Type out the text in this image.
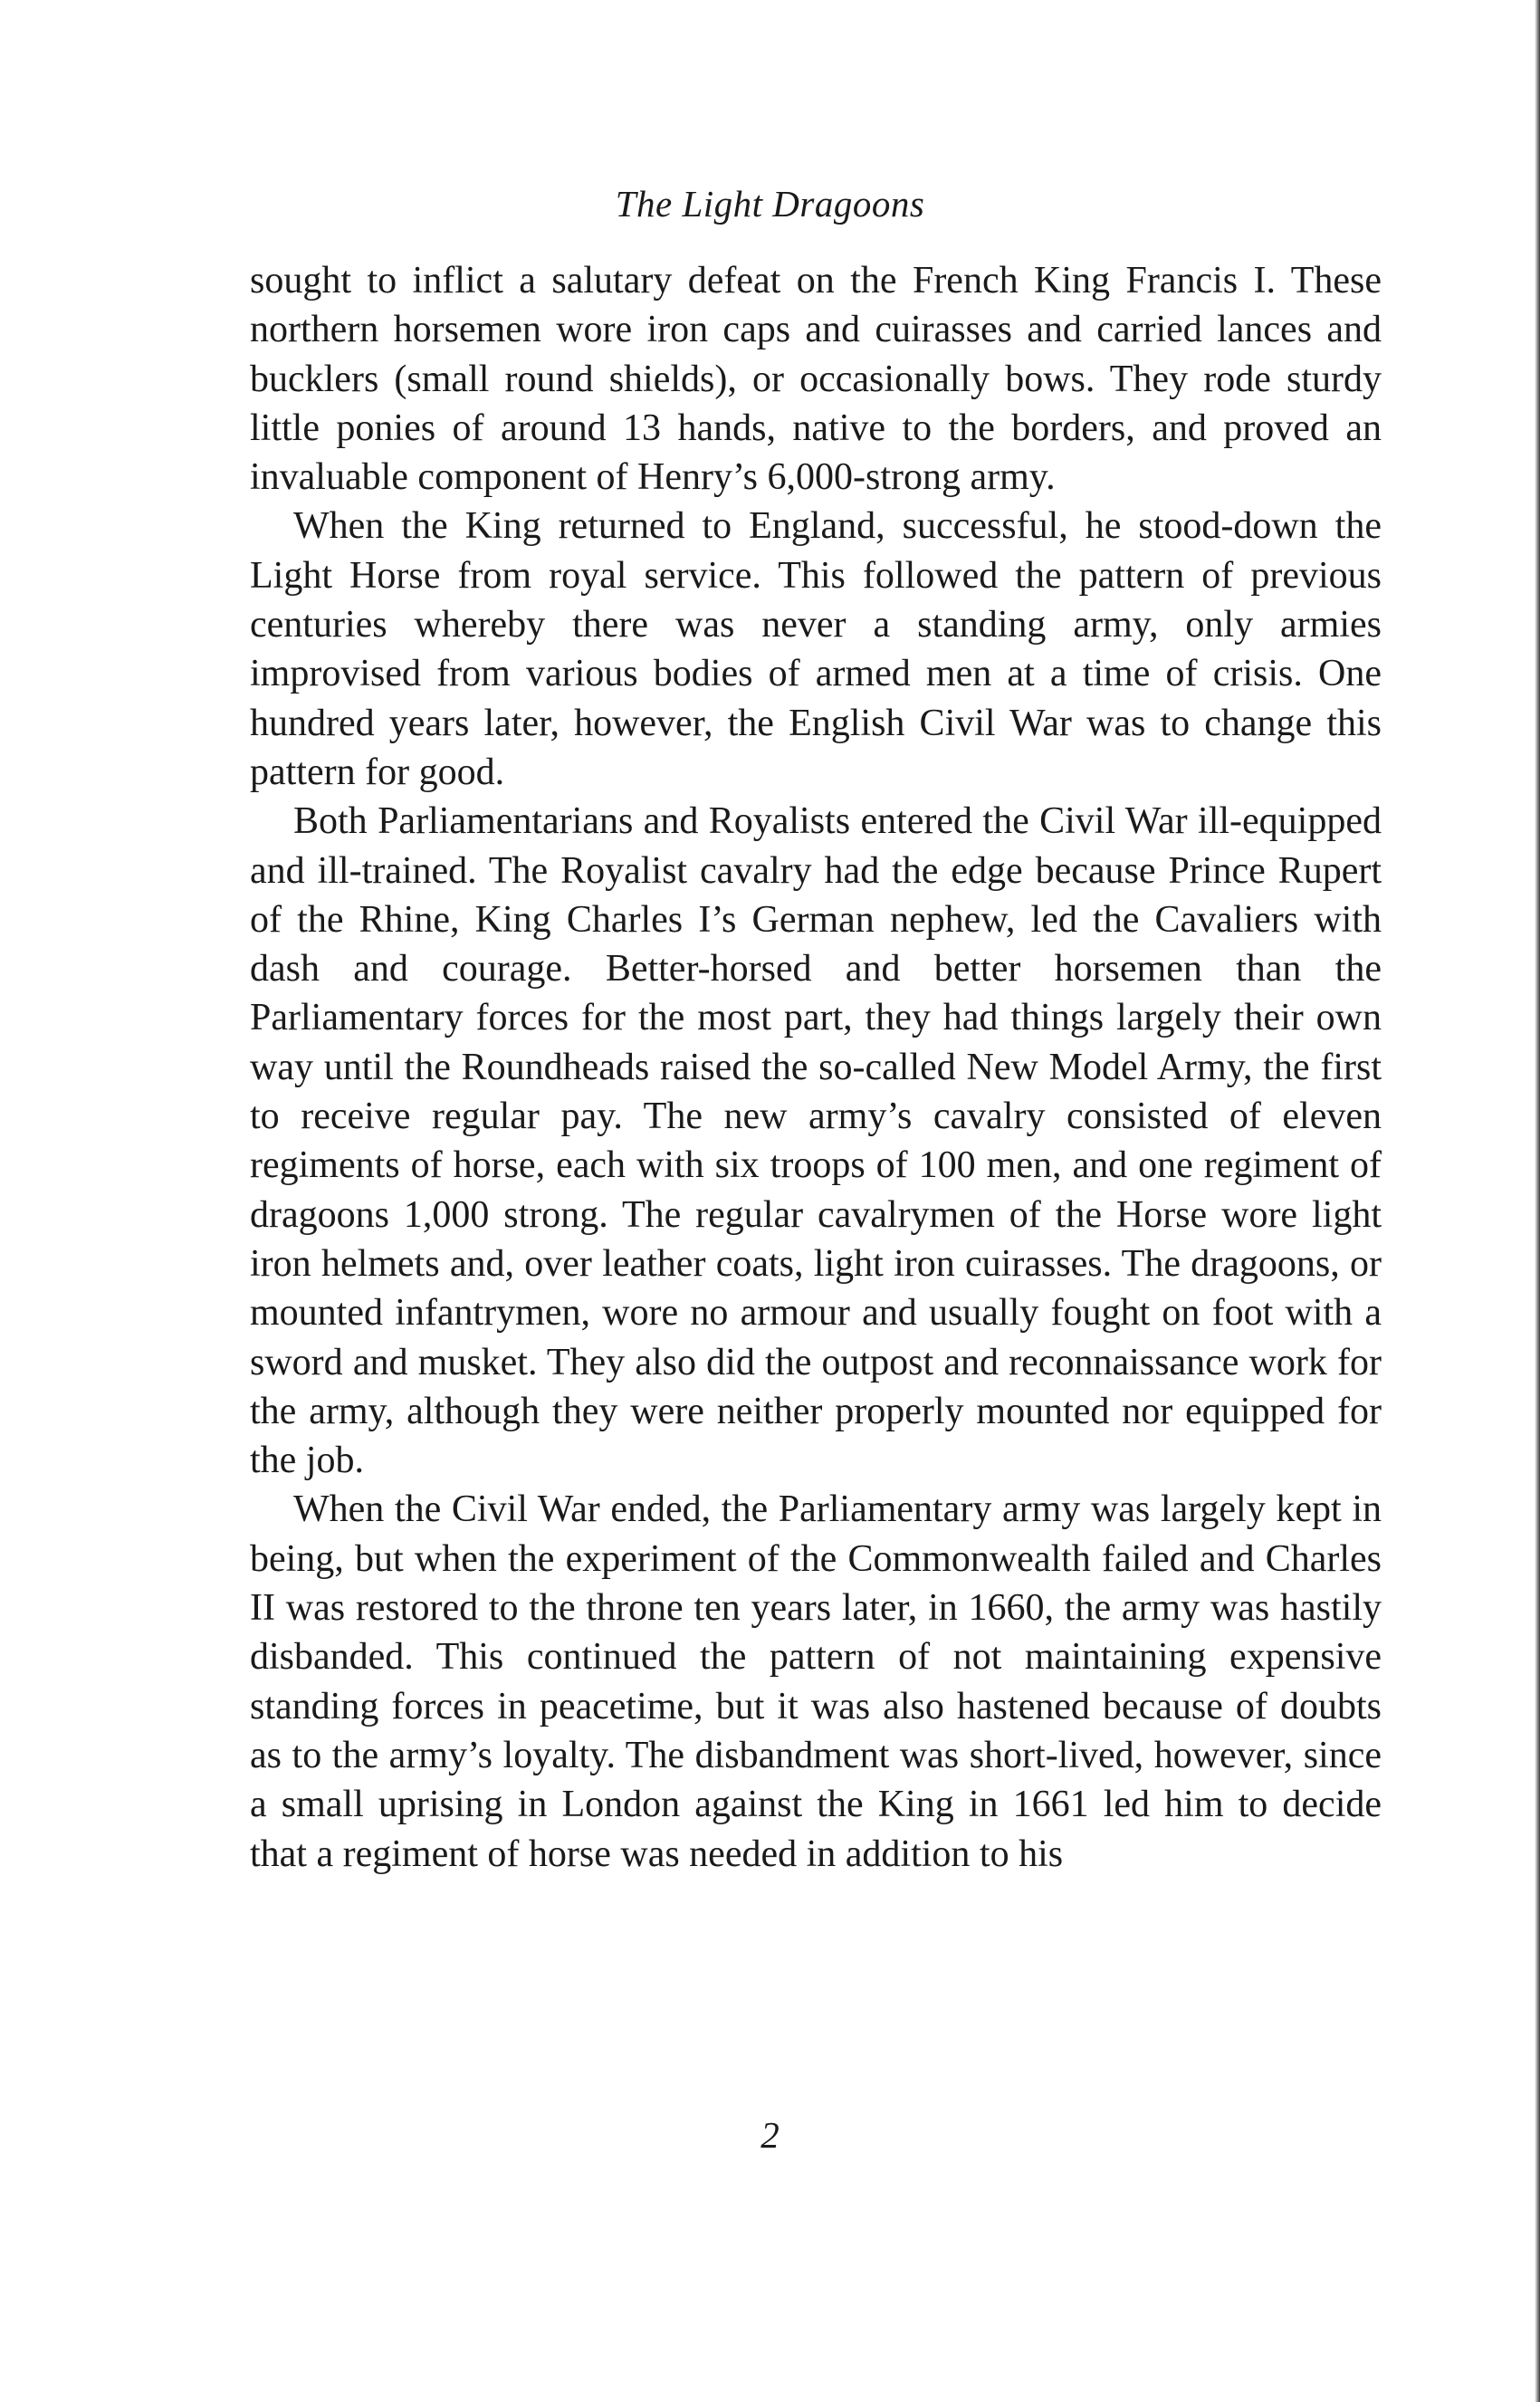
The Light Dragoons

sought to inflict a salutary defeat on the French King Francis I. These northern horsemen wore iron caps and cuirasses and carried lances and bucklers (small round shields), or occasionally bows. They rode sturdy little ponies of around 13 hands, native to the borders, and proved an invaluable component of Henry’s 6,000-strong army.

When the King returned to England, successful, he stood-down the Light Horse from royal service. This followed the pattern of previous centuries whereby there was never a standing army, only armies improvised from various bodies of armed men at a time of crisis. One hundred years later, however, the English Civil War was to change this pattern for good.

Both Parliamentarians and Royalists entered the Civil War ill-equipped and ill-trained. The Royalist cavalry had the edge because Prince Rupert of the Rhine, King Charles I’s German nephew, led the Cavaliers with dash and courage. Better-horsed and better horsemen than the Parliamentary forces for the most part, they had things largely their own way until the Roundheads raised the so-called New Model Army, the first to receive regular pay. The new army’s cavalry consisted of eleven regiments of horse, each with six troops of 100 men, and one regiment of dragoons 1,000 strong. The regular cavalrymen of the Horse wore light iron helmets and, over leather coats, light iron cuirasses. The dragoons, or mounted infantrymen, wore no armour and usually fought on foot with a sword and musket. They also did the outpost and reconnaissance work for the army, although they were neither properly mounted nor equipped for the job.

When the Civil War ended, the Parliamentary army was largely kept in being, but when the experiment of the Commonwealth failed and Charles II was restored to the throne ten years later, in 1660, the army was hastily disbanded. This continued the pattern of not maintaining expensive standing forces in peacetime, but it was also hastened because of doubts as to the army’s loyalty. The disbandment was short-lived, however, since a small uprising in London against the King in 1661 led him to decide that a regiment of horse was needed in addition to his

2
